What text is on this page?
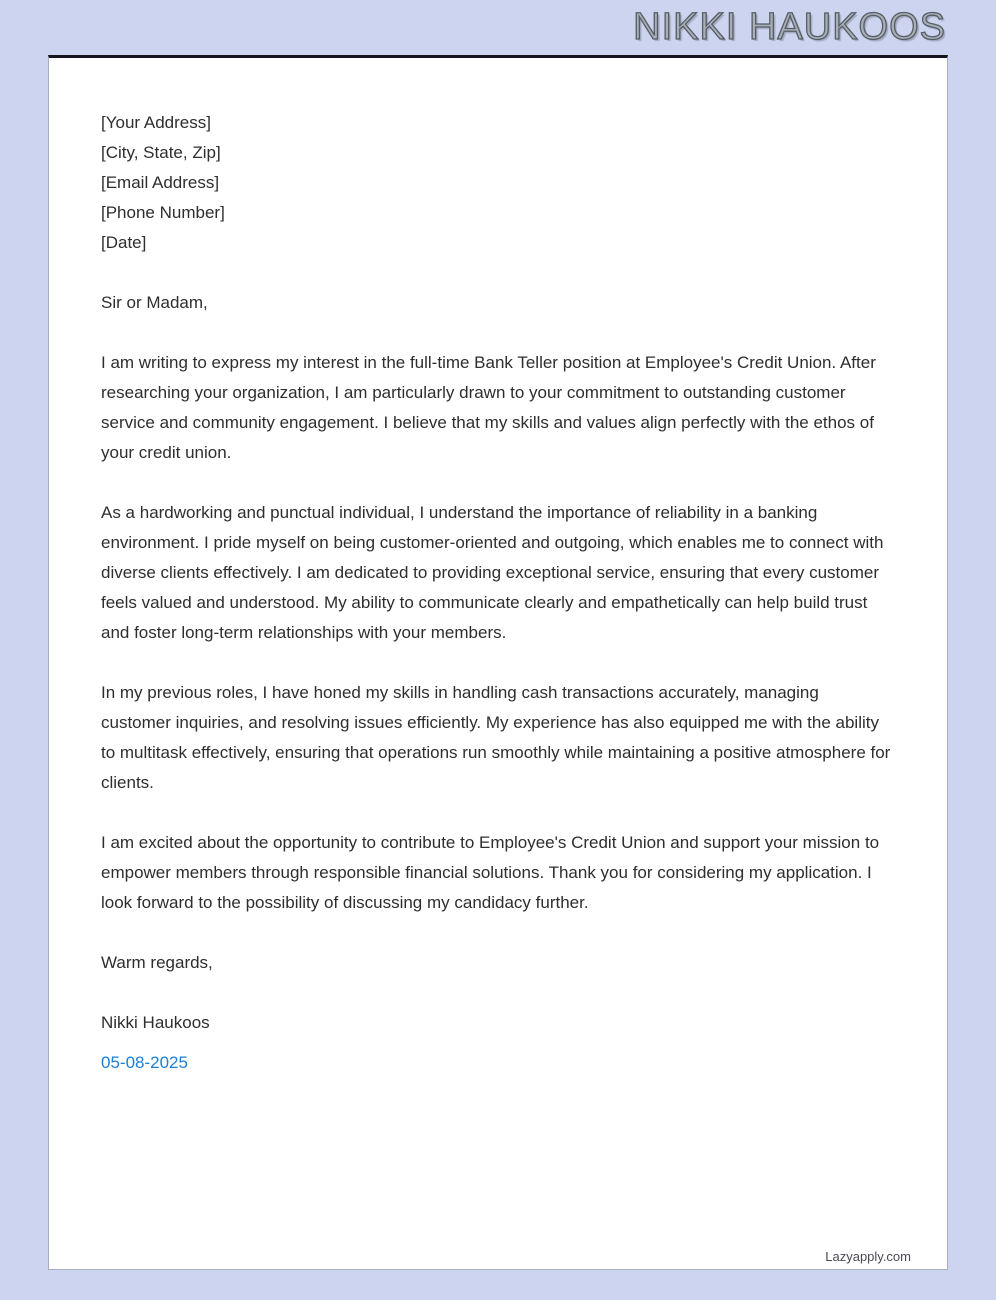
NIKKI HAUKOOS
[Your Address]
[City, State, Zip]
[Email Address]
[Phone Number]
[Date]
Sir or Madam,

I am writing to express my interest in the full-time Bank Teller position at Employee's Credit Union. After researching your organization, I am particularly drawn to your commitment to outstanding customer service and community engagement. I believe that my skills and values align perfectly with the ethos of your credit union.

As a hardworking and punctual individual, I understand the importance of reliability in a banking environment. I pride myself on being customer-oriented and outgoing, which enables me to connect with diverse clients effectively. I am dedicated to providing exceptional service, ensuring that every customer feels valued and understood. My ability to communicate clearly and empathetically can help build trust and foster long-term relationships with your members.

In my previous roles, I have honed my skills in handling cash transactions accurately, managing customer inquiries, and resolving issues efficiently. My experience has also equipped me with the ability to multitask effectively, ensuring that operations run smoothly while maintaining a positive atmosphere for clients.

I am excited about the opportunity to contribute to Employee's Credit Union and support your mission to empower members through responsible financial solutions. Thank you for considering my application. I look forward to the possibility of discussing my candidacy further.

Warm regards,
Nikki Haukoos
05-08-2025
Lazyapply.com
